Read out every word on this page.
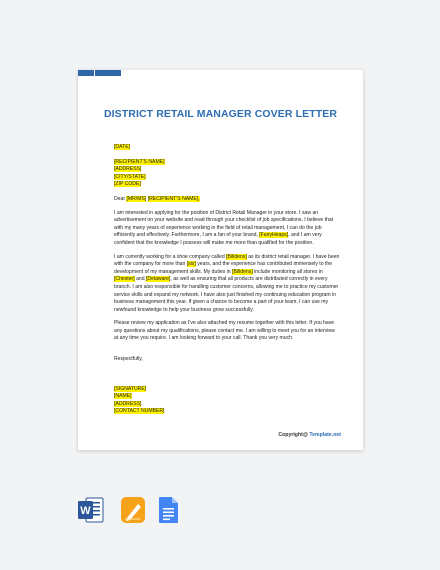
DISTRICT RETAIL MANAGER COVER LETTER
[DATE]
[RECIPIENT'S NAME]
[ADDRESS]
[CITY/STATE]
[ZIP CODE]

Dear [MR/MS] [RECIPIENT'S NAME],

I am interested in applying for the position of District Retail Manager in your store. I saw an advertisement on your website and read through your checklist of job specifications. I believe that with my many years of experience working in the field of retail management, I can do the job efficiently and effectively. Furthermore, I am a fan of your brand, [FairyHeaps], and I am very confident that the knowledge I possess will make me more than qualified for the position.

I am currently working for a shoe company called [Billdens] as its district retail manager. I have been with the company for more than [six] years, and the experience has contributed immensely to the development of my management skills. My duties in [Billdens] include monitoring all stores in [Chester] and [Delaware], as well as ensuring that all products are distributed correctly in every branch. I am also responsible for handling customer concerns, allowing me to practice my customer service skills and expand my network. I have also just finished my continuing education program in business management this year. If given a chance to become a part of your team, I can use my newfound knowledge to help your business grow successfully.

Please review my application as I've also attached my resume together with this letter. If you have any questions about my qualifications, please contact me. I am willing to meet you for an interview at any time you require. I am looking forward to your call. Thank you very much.

Respectfully,
[SIGNATURE]
[NAME]
[ADDRESS]
[CONTACT NUMBER]
Copyright@ Template.net
W
